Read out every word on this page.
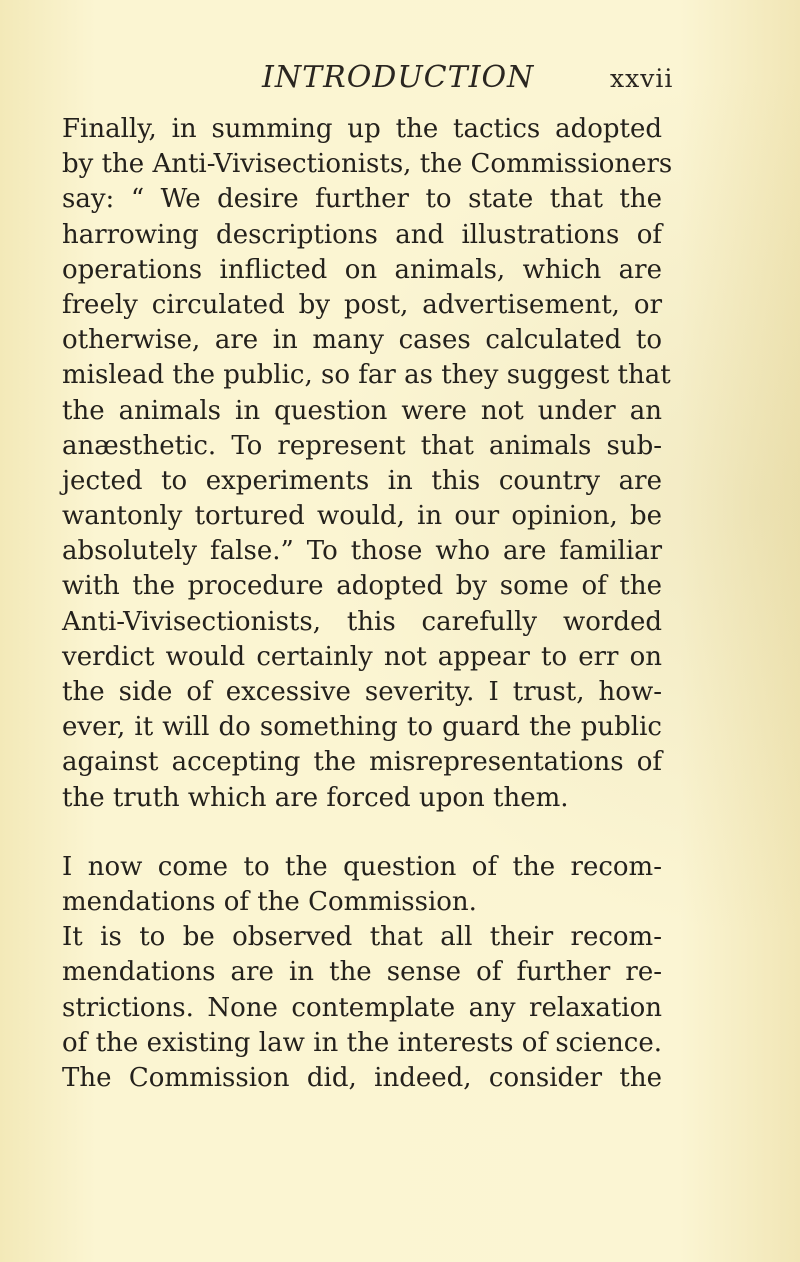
INTRODUCTION	xxvii
Finally, in summing up the tactics adopted
by the Anti-Vivisectionists, the Commissioners
say: “ We desire further to state that the
harrowing descriptions and illustrations of
operations inflicted on animals, which are
freely circulated by post, advertisement, or
otherwise, are in many cases calculated to
mislead the public, so far as they suggest that
the animals in question were not under an
anæsthetic. To represent that animals sub-
jected to experiments in this country are
wantonly tortured would, in our opinion, be
absolutely false.” To those who are familiar
with the procedure adopted by some of the
Anti-Vivisectionists, this carefully worded
verdict would certainly not appear to err on
the side of excessive severity. I trust, how-
ever, it will do something to guard the public
against accepting the misrepresentations of
the truth which are forced upon them.
I now come to the question of the recom-
mendations of the Commission.
It is to be observed that all their recom-
mendations are in the sense of further re-
strictions. None contemplate any relaxation
of the existing law in the interests of science.
The Commission did, indeed, consider the
